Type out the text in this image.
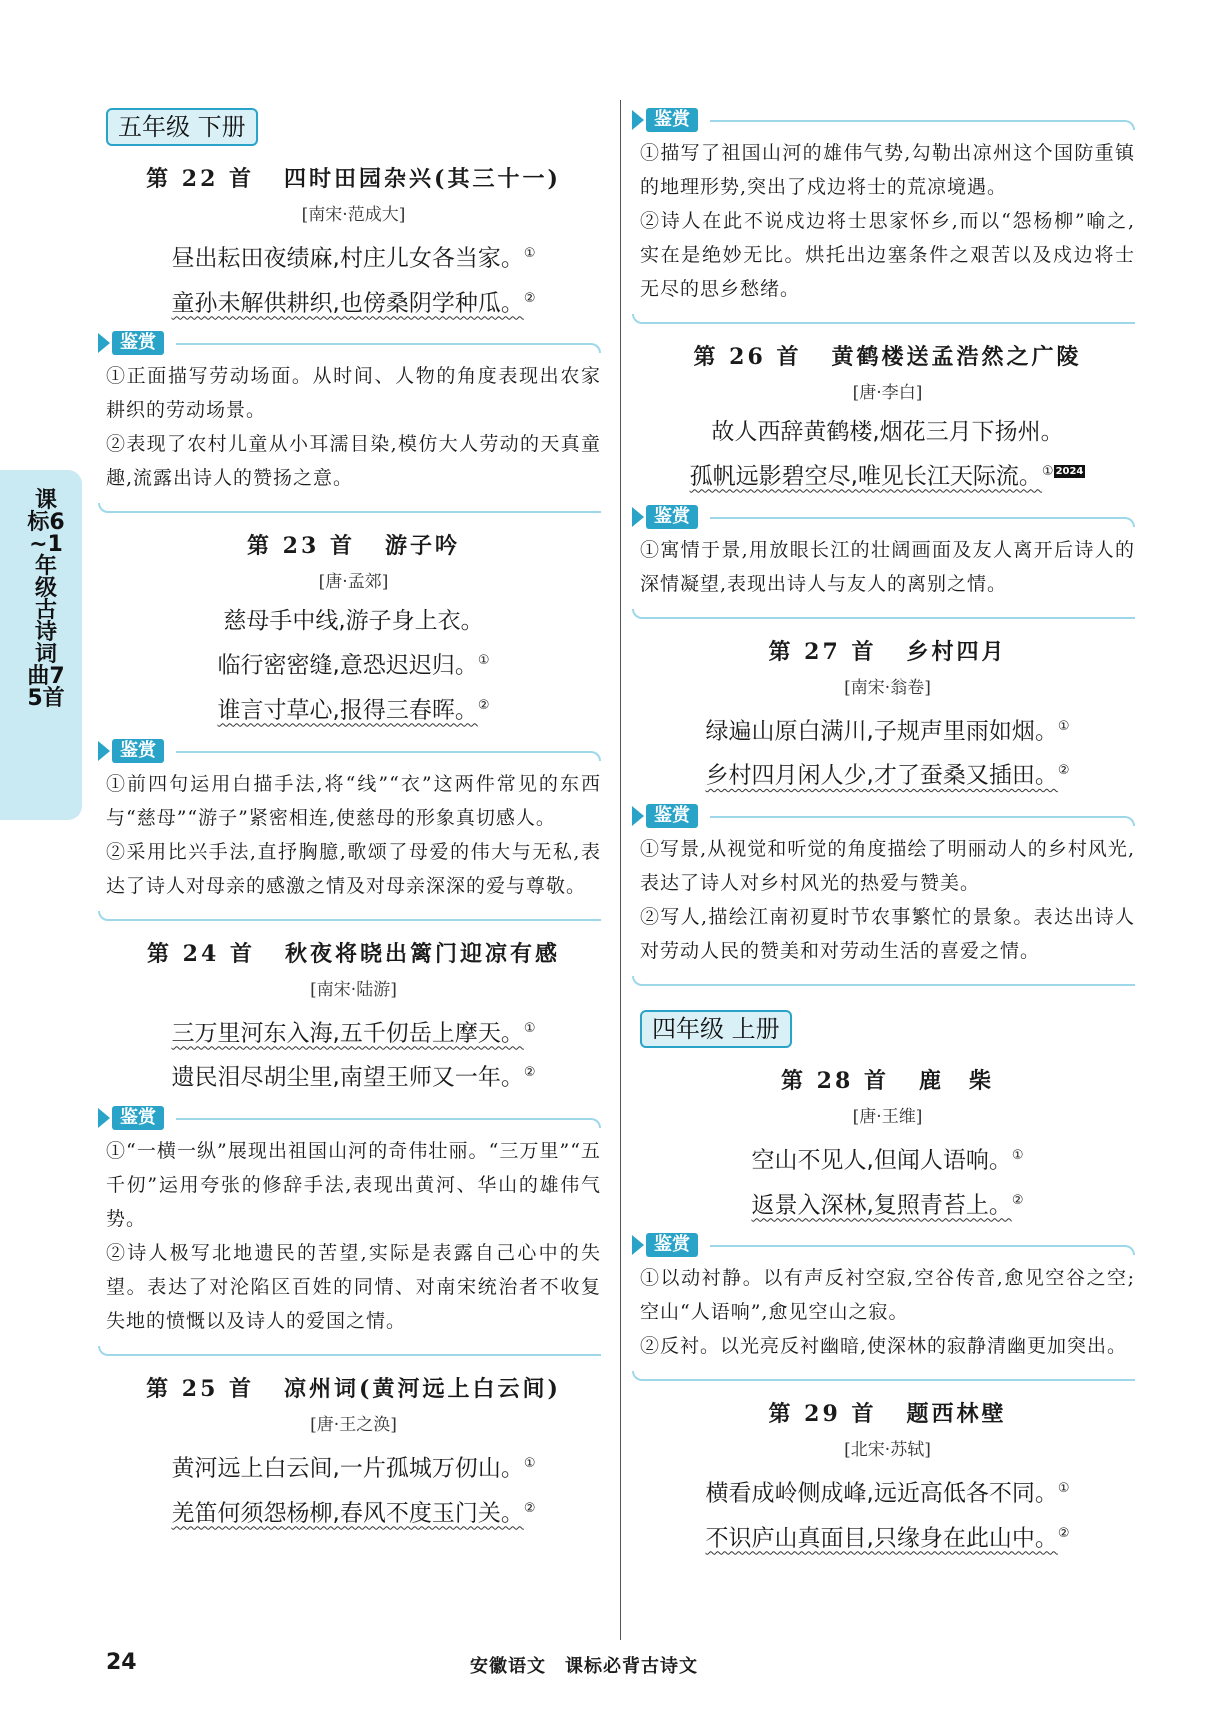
课标6~1年级古诗词曲75首
五年级 下册
第 22 首 四时田园杂兴(其三十一)
[南宋·范成大]
昼出耘田夜绩麻,村庄儿女各当家。①
童孙未解供耕织,也傍桑阴学种瓜。②
鉴赏

①正面描写劳动场面。从时间、人物的角度表现出农家耕织的劳动场景。

②表现了农村儿童从小耳濡目染,模仿大人劳动的天真童趣,流露出诗人的赞扬之意。

第 23 首 游子吟
[唐·孟郊]
慈母手中线,游子身上衣。
临行密密缝,意恐迟迟归。①
谁言寸草心,报得三春晖。②
鉴赏

①前四句运用白描手法,将“线”“衣”这两件常见的东西与“慈母”“游子”紧密相连,使慈母的形象真切感人。

②采用比兴手法,直抒胸臆,歌颂了母爱的伟大与无私,表达了诗人对母亲的感激之情及对母亲深深的爱与尊敬。

第 24 首 秋夜将晓出篱门迎凉有感
[南宋·陆游]
三万里河东入海,五千仞岳上摩天。①
遗民泪尽胡尘里,南望王师又一年。②
鉴赏

①“一横一纵”展现出祖国山河的奇伟壮丽。“三万里”“五千仞”运用夸张的修辞手法,表现出黄河、华山的雄伟气势。

②诗人极写北地遗民的苦望,实际是表露自己心中的失望。表达了对沦陷区百姓的同情、对南宋统治者不收复失地的愤慨以及诗人的爱国之情。

第 25 首 凉州词(黄河远上白云间)
[唐·王之涣]
黄河远上白云间,一片孤城万仞山。①
羌笛何须怨杨柳,春风不度玉门关。②
鉴赏

①描写了祖国山河的雄伟气势,勾勒出凉州这个国防重镇的地理形势,突出了戍边将士的荒凉境遇。

②诗人在此不说戍边将士思家怀乡,而以“怨杨柳”喻之,实在是绝妙无比。烘托出边塞条件之艰苦以及戍边将士无尽的思乡愁绪。

第 26 首 黄鹤楼送孟浩然之广陵
[唐·李白]
故人西辞黄鹤楼,烟花三月下扬州。
孤帆远影碧空尽,唯见长江天际流。① 2024
鉴赏

①寓情于景,用放眼长江的壮阔画面及友人离开后诗人的深情凝望,表现出诗人与友人的离别之情。

第 27 首 乡村四月
[南宋·翁卷]
绿遍山原白满川,子规声里雨如烟。①
乡村四月闲人少,才了蚕桑又插田。②
鉴赏

①写景,从视觉和听觉的角度描绘了明丽动人的乡村风光,表达了诗人对乡村风光的热爱与赞美。

②写人,描绘江南初夏时节农事繁忙的景象。表达出诗人对劳动人民的赞美和对劳动生活的喜爱之情。

四年级 上册
第 28 首 鹿　柴
[唐·王维]
空山不见人,但闻人语响。①
返景入深林,复照青苔上。②
鉴赏

①以动衬静。以有声反衬空寂,空谷传音,愈见空谷之空;空山“人语响”,愈见空山之寂。

②反衬。以光亮反衬幽暗,使深林的寂静清幽更加突出。

第 29 首 题西林壁
[北宋·苏轼]
横看成岭侧成峰,远近高低各不同。①
不识庐山真面目,只缘身在此山中。②
24	安徽语文　课标必背古诗文
